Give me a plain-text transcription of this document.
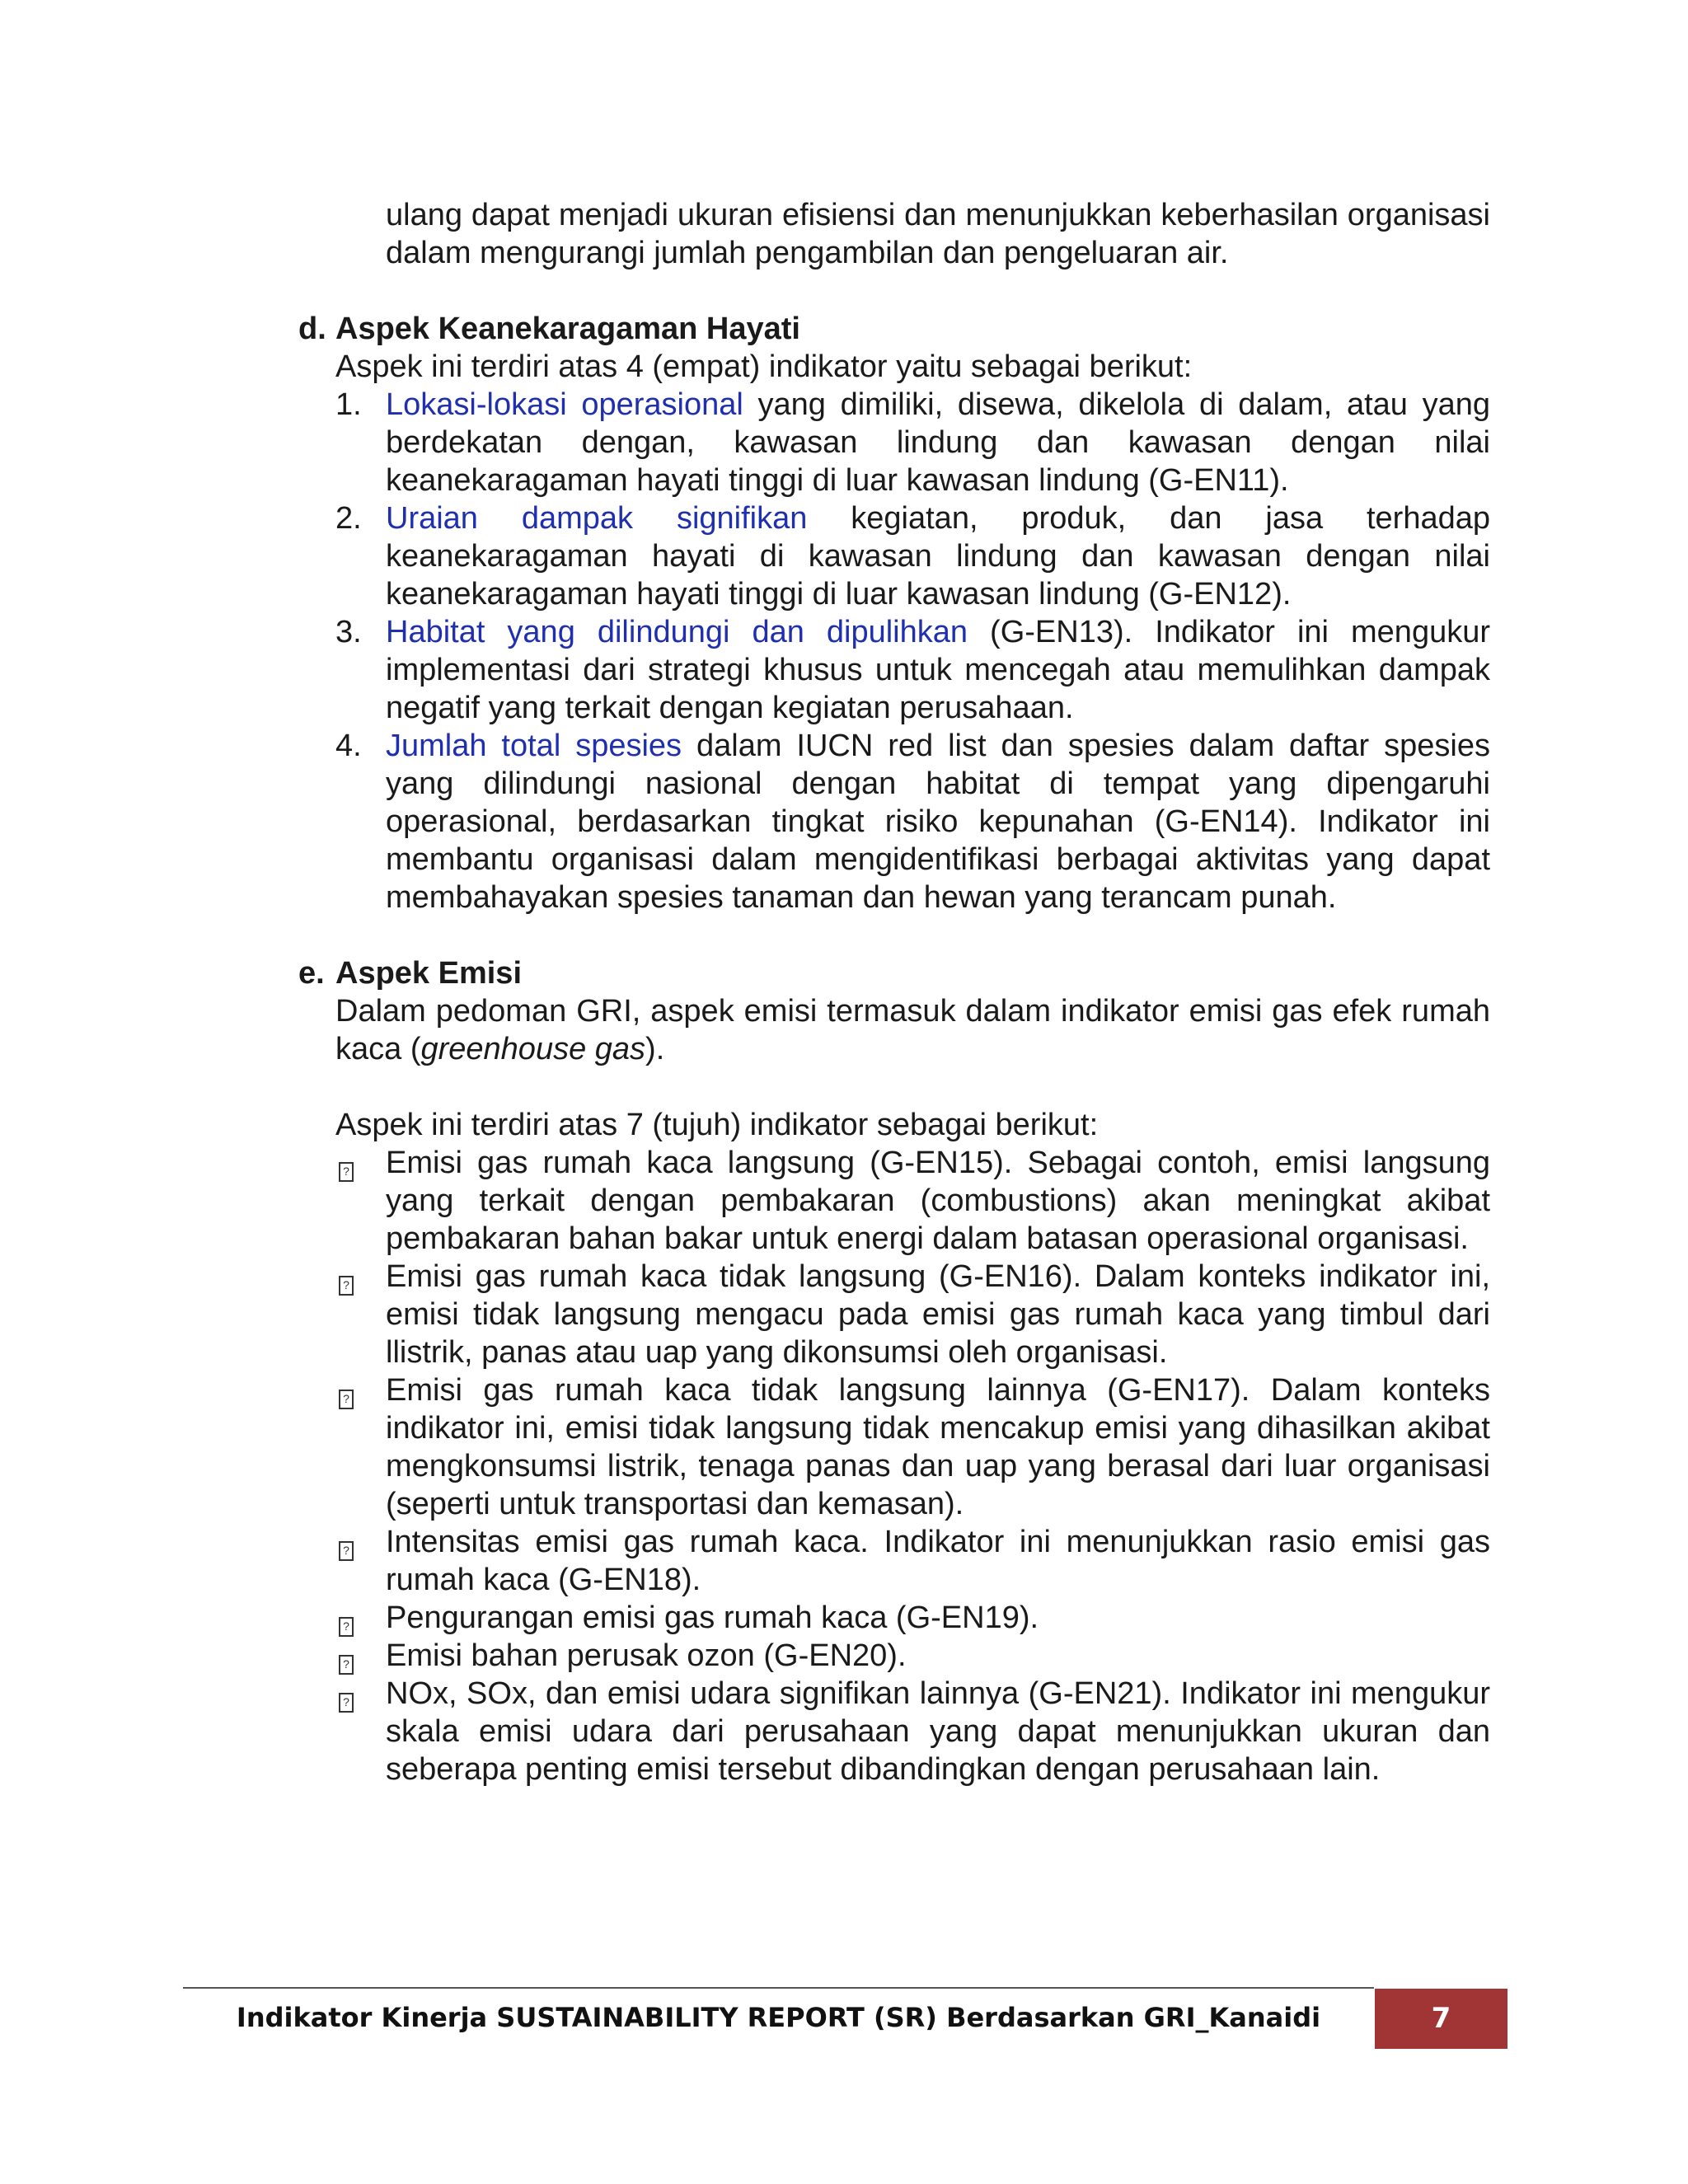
ulang dapat menjadi ukuran efisiensi dan menunjukkan keberhasilan organisasi dalam mengurangi jumlah pengambilan dan pengeluaran air.
d. Aspek Keanekaragaman Hayati
Aspek ini terdiri atas 4 (empat) indikator yaitu sebagai berikut:
1. Lokasi-lokasi operasional yang dimiliki, disewa, dikelola di dalam, atau yang berdekatan dengan, kawasan lindung dan kawasan dengan nilai keanekaragaman hayati tinggi di luar kawasan lindung (G-EN11).
2. Uraian dampak signifikan kegiatan, produk, dan jasa terhadap keanekaragaman hayati di kawasan lindung dan kawasan dengan nilai keanekaragaman hayati tinggi di luar kawasan lindung (G-EN12).
3. Habitat yang dilindungi dan dipulihkan (G-EN13). Indikator ini mengukur implementasi dari strategi khusus untuk mencegah atau memulihkan dampak negatif yang terkait dengan kegiatan perusahaan.
4. Jumlah total spesies dalam IUCN red list dan spesies dalam daftar spesies yang dilindungi nasional dengan habitat di tempat yang dipengaruhi operasional, berdasarkan tingkat risiko kepunahan (G-EN14). Indikator ini membantu organisasi dalam mengidentifikasi berbagai aktivitas yang dapat membahayakan spesies tanaman dan hewan yang terancam punah.
e. Aspek Emisi
Dalam pedoman GRI, aspek emisi termasuk dalam indikator emisi gas efek rumah kaca (greenhouse gas).
Aspek ini terdiri atas 7 (tujuh) indikator sebagai berikut:
?	Emisi gas rumah kaca langsung (G-EN15). Sebagai contoh, emisi langsung yang terkait dengan pembakaran (combustions) akan meningkat akibat pembakaran bahan bakar untuk energi dalam batasan operasional organisasi.
?	Emisi gas rumah kaca tidak langsung (G-EN16). Dalam konteks indikator ini, emisi tidak langsung mengacu pada emisi gas rumah kaca yang timbul dari llistrik, panas atau uap yang dikonsumsi oleh organisasi.
?	Emisi gas rumah kaca tidak langsung lainnya (G-EN17). Dalam konteks indikator ini, emisi tidak langsung tidak mencakup emisi yang dihasilkan akibat mengkonsumsi listrik, tenaga panas dan uap yang berasal dari luar organisasi (seperti untuk transportasi dan kemasan).
?	Intensitas emisi gas rumah kaca. Indikator ini menunjukkan rasio emisi gas rumah kaca (G-EN18).
?	Pengurangan emisi gas rumah kaca (G-EN19).
?	Emisi bahan perusak ozon (G-EN20).
?	NOx, SOx, dan emisi udara signifikan lainnya (G-EN21). Indikator ini mengukur skala emisi udara dari perusahaan yang dapat menunjukkan ukuran dan seberapa penting emisi tersebut dibandingkan dengan perusahaan lain.
Indikator Kinerja SUSTAINABILITY REPORT (SR) Berdasarkan GRI_Kanaidi	7
